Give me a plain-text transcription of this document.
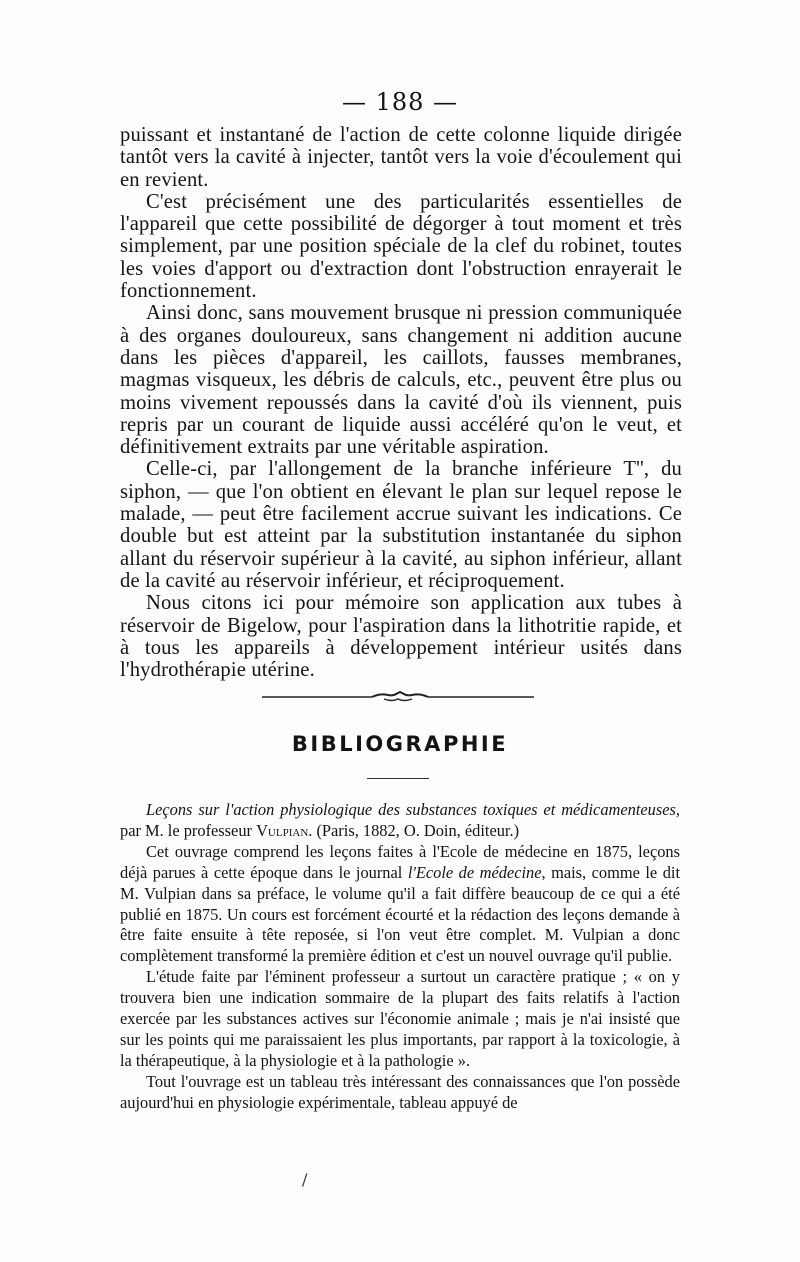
— 188 —

puissant et instantané de l'action de cette colonne liquide dirigée tantôt vers la cavité à injecter, tantôt vers la voie d'écoulement qui en revient.

C'est précisément une des particularités essentielles de l'appareil que cette possibilité de dégorger à tout moment et très simplement, par une position spéciale de la clef du robinet, toutes les voies d'apport ou d'extraction dont l'obstruction enrayerait le fonctionnement.

Ainsi donc, sans mouvement brusque ni pression communiquée à des organes douloureux, sans changement ni addition aucune dans les pièces d'appareil, les caillots, fausses membranes, magmas visqueux, les débris de calculs, etc., peuvent être plus ou moins vivement repoussés dans la cavité d'où ils viennent, puis repris par un courant de liquide aussi accéléré qu'on le veut, et définitivement extraits par une véritable aspiration.

Celle-ci, par l'allongement de la branche inférieure T'', du siphon, — que l'on obtient en élevant le plan sur lequel repose le malade, — peut être facilement accrue suivant les indications. Ce double but est atteint par la substitution instantanée du siphon allant du réservoir supérieur à la cavité, au siphon inférieur, allant de la cavité au réservoir inférieur, et réciproquement.

Nous citons ici pour mémoire son application aux tubes à réservoir de Bigelow, pour l'aspiration dans la lithotritie rapide, et à tous les appareils à développement intérieur usités dans l'hydrothérapie utérine.

BIBLIOGRAPHIE

Leçons sur l'action physiologique des substances toxiques et médicamenteuses, par M. le professeur Vulpian. (Paris, 1882, O. Doin, éditeur.)

Cet ouvrage comprend les leçons faites à l'Ecole de médecine en 1875, leçons déjà parues à cette époque dans le journal l'Ecole de médecine, mais, comme le dit M. Vulpian dans sa préface, le volume qu'il a fait diffère beaucoup de ce qui a été publié en 1875. Un cours est forcément écourté et la rédaction des leçons demande à être faite ensuite à tête reposée, si l'on veut être complet. M. Vulpian a donc complètement transformé la première édition et c'est un nouvel ouvrage qu'il publie.

L'étude faite par l'éminent professeur a surtout un caractère pratique ; « on y trouvera bien une indication sommaire de la plupart des faits relatifs à l'action exercée par les substances actives sur l'économie animale ; mais je n'ai insisté que sur les points qui me paraissaient les plus importants, par rapport à la toxicologie, à la thérapeutique, à la physiologie et à la pathologie ».

Tout l'ouvrage est un tableau très intéressant des connaissances que l'on possède aujourd'hui en physiologie expérimentale, tableau appuyé de

/
